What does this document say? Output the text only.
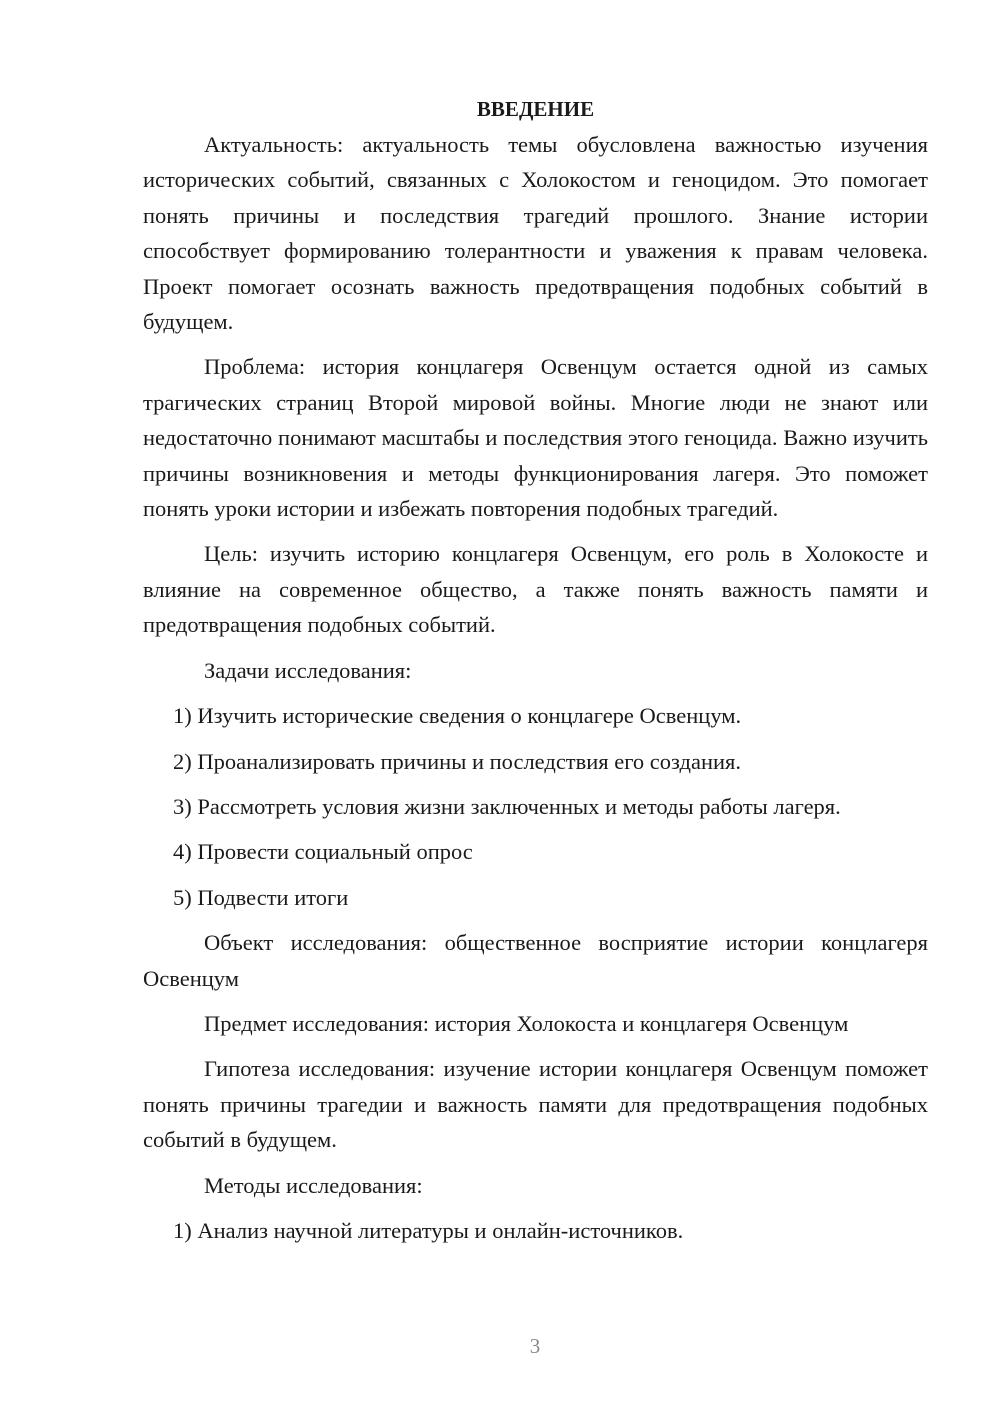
ВВЕДЕНИЕ

Актуальность: актуальность темы обусловлена важностью изучения исторических событий, связанных с Холокостом и геноцидом. Это помогает понять причины и последствия трагедий прошлого. Знание истории способствует формированию толерантности и уважения к правам человека. Проект помогает осознать важность предотвращения подобных событий в будущем.

Проблема: история концлагеря Освенцум остается одной из самых трагических страниц Второй мировой войны. Многие люди не знают или недостаточно понимают масштабы и последствия этого геноцида. Важно изучить причины возникновения и методы функционирования лагеря. Это поможет понять уроки истории и избежать повторения подобных трагедий.

Цель: изучить историю концлагеря Освенцум, его роль в Холокосте и влияние на современное общество, а также понять важность памяти и предотвращения подобных событий.

Задачи исследования:

1) Изучить исторические сведения о концлагере Освенцум.

2) Проанализировать причины и последствия его создания.

3) Рассмотреть условия жизни заключенных и методы работы лагеря.

4) Провести социальный опрос

5) Подвести итоги

Объект исследования: общественное восприятие истории концлагеря Освенцум

Предмет исследования: история Холокоста и концлагеря Освенцум

Гипотеза исследования: изучение истории концлагеря Освенцум поможет понять причины трагедии и важность памяти для предотвращения подобных событий в будущем.

Методы исследования:

1) Анализ научной литературы и онлайн-источников.

3
